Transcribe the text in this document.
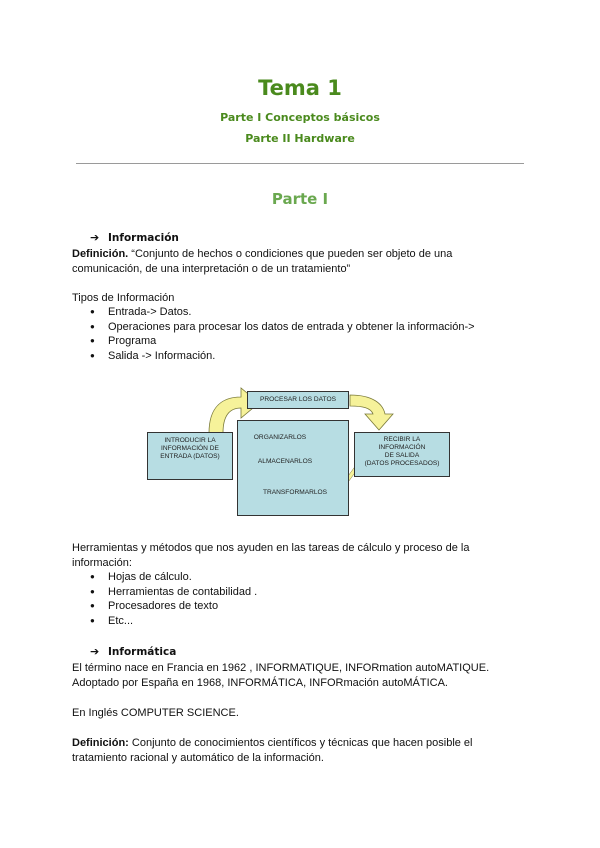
Tema 1
Parte I Conceptos básicos
Parte II Hardware
Parte I
➔ Información
Definición. “Conjunto de hechos o condiciones que pueden ser objeto de una
comunicación, de una interpretación o de un tratamiento”
Tipos de Información
● Entrada-> Datos.
● Operaciones para procesar los datos de entrada y obtener la información->
● Programa
● Salida -> Información.
PROCESAR LOS DATOS
INTRODUCIR LA
INFORMACIÓN DE
ENTRADA (DATOS)
ORGANIZARLOS
ALMACENARLOS
TRANSFORMARLOS
RECIBIR LA
INFORMACIÓN
DE SALIDA
(DATOS PROCESADOS)
Herramientas y métodos que nos ayuden en las tareas de cálculo y proceso de la
información:
● Hojas de cálculo.
● Herramientas de contabilidad .
● Procesadores de texto
● Etc...
➔ Informática
El término nace en Francia en 1962 , INFORMATIQUE, INFORmation autoMATIQUE.
Adoptado por España en 1968, INFORMÁTICA, INFORmación autoMÁTICA.
En Inglés COMPUTER SCIENCE.
Definición: Conjunto de conocimientos científicos y técnicas que hacen posible el
tratamiento racional y automático de la información.
